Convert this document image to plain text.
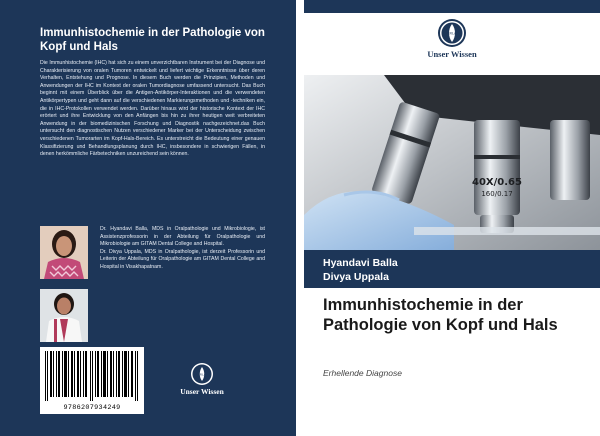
Immunhistochemie in der Pathologie von Kopf und Hals
Die Immunhistochemie (IHC) hat sich zu einem unverzichtbaren Instrument bei der Diagnose und Charakterisierung von oralen Tumoren entwickelt und liefert wichtige Erkenntnisse über deren Verhalten, Entstehung und Prognose. In diesem Buch werden die Prinzipien, Methoden und Anwendungen der IHC im Kontext der oralen Tumordiagnose umfassend untersucht. Das Buch beginnt mit einem Überblick über die Antigen-Antikörper-Interaktionen und die verwendeten Antikörpertypen und geht dann auf die verschiedenen Markierungsmethoden und -techniken ein, die in IHC-Protokollen verwendet werden. Darüber hinaus wird der historische Kontext der IHC erörtert und ihre Entwicklung von den Anfängen bis hin zu ihrer heutigen weit verbreiteten Anwendung in der biomedizinischen Forschung und Diagnostik nachgezeichnet.das Buch untersucht den diagnostischen Nutzen verschiedener Marker bei der Unterscheidung zwischen verschiedenen Tumorarten im Kopf-Hals-Bereich. Es unterstreicht die Bedeutung einer genauen Klassifizierung und Behandlungsplanung durch IHC, insbesondere in schwierigen Fällen, in denen herkömmliche Färbetechniken unzureichend sein können.
Dr. Hyandavi Balla, MDS in Oralpathologie und Mikrobiologie, ist Assistenzprofessorin in der Abteilung für Oralpathologie und Mikrobiologie am GITAM Dental College and Hospital.
Dr. Divya Uppala, MDS in Oralpathologie, ist derzeit Professorin und Leiterin der Abteilung für Oralpathologie am GITAM Dental College and Hospital in Visakhapatnam.
9786207934249
VERLAG
Unser Wissen
VERLAG
Unser Wissen
40X/0.65
160/0.17
Hyandavi Balla
Divya Uppala
Immunhistochemie in der Pathologie von Kopf und Hals
Erhellende Diagnose
